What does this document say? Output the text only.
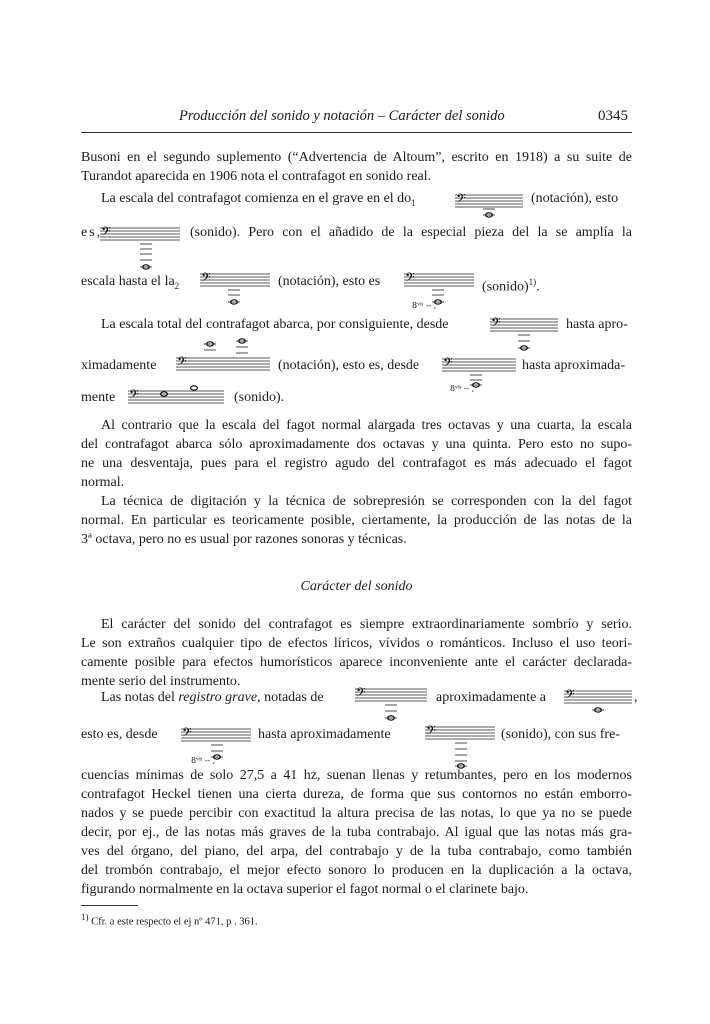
Producción del sonido y notación – Carácter del sonido	0345
Busoni en el segundo suplemento (“Advertencia de Altoum”, escrito en 1918) a su suite de
Turandot aparecida en 1906 nota el contrafagot en sonido real.
La escala del contrafagot comienza en el grave en el $do_1$	(notación), esto
es,	(sonido). Pero con el añadido de la especial pieza del la se amplía la
escala hasta el $la_2$	(notación), esto es	(sonido)$^{1)}$.
La escala total del contrafagot abarca, por consiguiente, desde	hasta apro-
ximadamente	(notación), esto es, desde	hasta aproximada-
mente	(sonido).
Al contrario que la escala del fagot normal alargada tres octavas y una cuarta, la escala
del contrafagot abarca sólo aproximadamente dos octavas y una quinta. Pero esto no supo-
ne una desventaja, pues para el registro agudo del contrafagot es más adecuado el fagot
normal.
La técnica de digitación y la técnica de sobrepresión se corresponden con la del fagot
normal. En particular es teoricamente posible, ciertamente, la producción de las notas de la
3ª octava, pero no es usual por razones sonoras y técnicas.
Carácter del sonido
El carácter del sonido del contrafagot es siempre extraordinariamente sombrío y serio.
Le son extraños cualquier tipo de efectos líricos, vívidos o románticos. Incluso el uso teori-
camente posible para efectos humorísticos aparece inconveniente ante el carácter declarada-
mente serio del instrumento.
Las notas del registro grave, notadas de	aproximadamente a	,
esto es, desde	hasta aproximadamente	(sonido), con sus fre-
cuencias mínimas de solo 27,5 a 41 hz, suenan llenas y retumbantes, pero en los modernos
contrafagot Heckel tienen una cierta dureza, de forma que sus contornos no están emborro-
nados y se puede percibir con exactitud la altura precisa de las notas, lo que ya no se puede
decir, por ej., de las notas más graves de la tuba contrabajo. Al igual que las notas más gra-
ves del órgano, del piano, del arpa, del contrabajo y de la tuba contrabajo, como también
del trombón contrabajo, el mejor efecto sonoro lo producen en la duplicación a la octava,
figurando normalmente en la octava superior el fagot normal o el clarinete bajo.
$^{1)}$ Cfr. a este respecto el ej nº 471, p . 361.
𝄢
𝄢
𝄢	𝄢
8ᵛᵇ -- ,
𝄢
𝄢	𝄢
8ᵛᵇ -- ,
𝄢
𝄢	𝄢
𝄢
8ᵛᵇ -- ,
𝄢
